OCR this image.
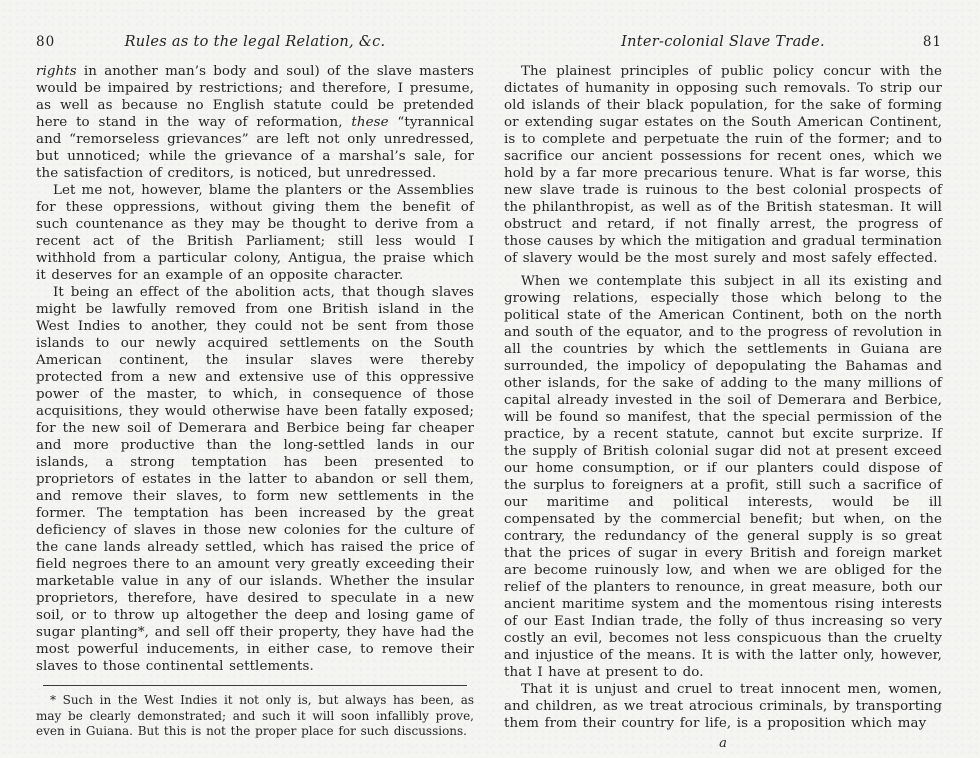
80	Rules as to the legal Relation, &c.

rights in another man’s body and soul) of the slave masters would be impaired by restrictions; and therefore, I presume, as well as because no English statute could be pretended here to stand in the way of reformation, these “tyrannical and “remorseless grievances” are left not only unredressed, but unnoticed; while the grievance of a marshal’s sale, for the satisfaction of creditors, is noticed, but unredressed.

Let me not, however, blame the planters or the Assemblies for these oppressions, without giving them the benefit of such countenance as they may be thought to derive from a recent act of the British Parliament; still less would I withhold from a particular colony, Antigua, the praise which it deserves for an example of an opposite character.

It being an effect of the abolition acts, that though slaves might be lawfully removed from one British island in the West Indies to another, they could not be sent from those islands to our newly acquired settlements on the South American continent, the insular slaves were thereby protected from a new and extensive use of this oppressive power of the master, to which, in consequence of those acquisitions, they would otherwise have been fatally exposed; for the new soil of Demerara and Berbice being far cheaper and more productive than the long-settled lands in our islands, a strong temptation has been presented to proprietors of estates in the latter to abandon or sell them, and remove their slaves, to form new settlements in the former. The temptation has been increased by the great deficiency of slaves in those new colonies for the culture of the cane lands already settled, which has raised the price of field negroes there to an amount very greatly exceeding their marketable value in any of our islands. Whether the insular proprietors, therefore, have desired to speculate in a new soil, or to throw up altogether the deep and losing game of sugar planting*, and sell off their property, they have had the most powerful inducements, in either case, to remove their slaves to those continental settlements.

* Such in the West Indies it not only is, but always has been, as may be clearly demonstrated; and such it will soon infallibly prove, even in Guiana. But this is not the proper place for such discussions.

Inter-colonial Slave Trade.	81

The plainest principles of public policy concur with the dictates of humanity in opposing such removals. To strip our old islands of their black population, for the sake of forming or extending sugar estates on the South American Continent, is to complete and perpetuate the ruin of the former; and to sacrifice our ancient possessions for recent ones, which we hold by a far more precarious tenure. What is far worse, this new slave trade is ruinous to the best colonial prospects of the philanthropist, as well as of the British statesman. It will obstruct and retard, if not finally arrest, the progress of those causes by which the mitigation and gradual termination of slavery would be the most surely and most safely effected.

When we contemplate this subject in all its existing and growing relations, especially those which belong to the political state of the American Continent, both on the north and south of the equator, and to the progress of revolution in all the countries by which the settlements in Guiana are surrounded, the impolicy of depopulating the Bahamas and other islands, for the sake of adding to the many millions of capital already invested in the soil of Demerara and Berbice, will be found so manifest, that the special permission of the practice, by a recent statute, cannot but excite surprize. If the supply of British colonial sugar did not at present exceed our home consumption, or if our planters could dispose of the surplus to foreigners at a profit, still such a sacrifice of our maritime and political interests, would be ill compensated by the commercial benefit; but when, on the contrary, the redundancy of the general supply is so great that the prices of sugar in every British and foreign market are become ruinously low, and when we are obliged for the relief of the planters to renounce, in great measure, both our ancient maritime system and the momentous rising interests of our East Indian trade, the folly of thus increasing so very costly an evil, becomes not less conspicuous than the cruelty and injustice of the means. It is with the latter only, however, that I have at present to do.

That it is unjust and cruel to treat innocent men, women, and children, as we treat atrocious criminals, by transporting them from their country for life, is a proposition which may

a
